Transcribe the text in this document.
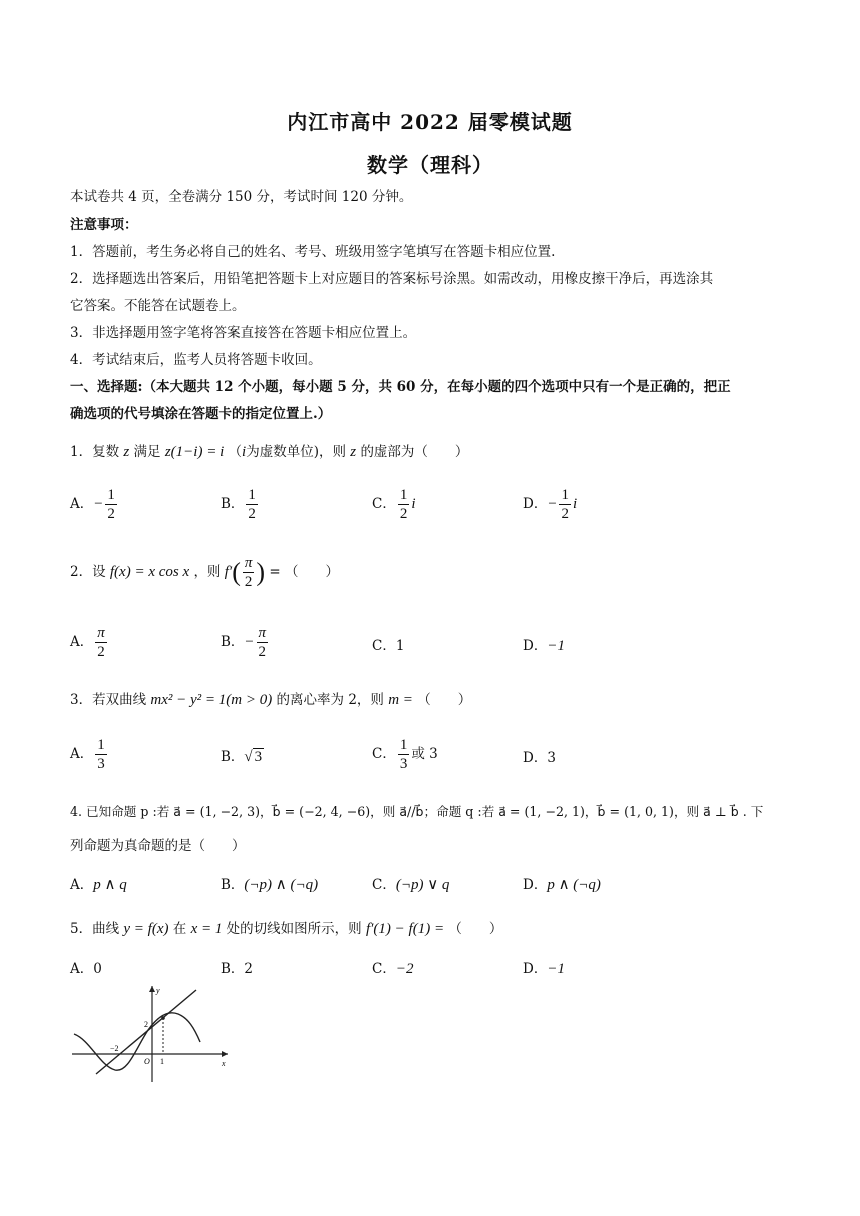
内江市高中 2022 届零模试题
数学（理科）
本试卷共 4 页，全卷满分 150 分，考试时间 120 分钟。
注意事项：
1．答题前，考生务必将自己的姓名、考号、班级用签字笔填写在答题卡相应位置.
2．选择题选出答案后，用铅笔把答题卡上对应题目的答案标号涂黑。如需改动，用橡皮擦干净后，再选涂其
它答案。不能答在试题卷上。
3．非选择题用签字笔将答案直接答在答题卡相应位置上。
4．考试结束后，监考人员将答题卡收回。
一、选择题:（本大题共 12 个小题，每小题 5 分，共 60 分，在每小题的四个选项中只有一个是正确的，把正
确选项的代号填涂在答题卡的指定位置上.）
1．复数 z 满足 z(1−i) = i （i为虚数单位)，则 z 的虚部为（　　）
A．− $\frac{1}{2}$	B． $\frac{1}{2}$	C． $\frac{1}{2}$ i	D．− $\frac{1}{2}$ i
2．设 f(x) = x cos x ，则 $f'( \frac{\pi}{2}$ ) = （　　）
A． $\frac{\pi}{2}$	B．− $\frac{\pi}{2}$	C．1	D．−1
3．若双曲线 mx² − y² = 1(m > 0) 的离心率为 2，则 m = （　　）
A． $\frac{1}{3}$	B．√ 3	C． $\frac{1}{3}$ 或 3	D．3
4. 已知命题 p :若 a⃗ = (1, −2, 3)，b⃗ = (−2, 4, −6)，则 a⃗//b⃗；命题 q :若 a⃗ = (1, −2, 1)，b⃗ = (1, 0, 1)，则 a⃗ ⊥ b⃗ . 下
列命题为真命题的是（　　）
A．p ∧ q	B．(¬p) ∧ (¬q)	C．(¬p) ∨ q	D．p ∧ (¬q)
5．曲线 y = f(x) 在 x = 1 处的切线如图所示，则 f′(1) − f(1) = （　　）
A．0	B．2	C．−2	D．−1
y
x
O
2
1
−2
